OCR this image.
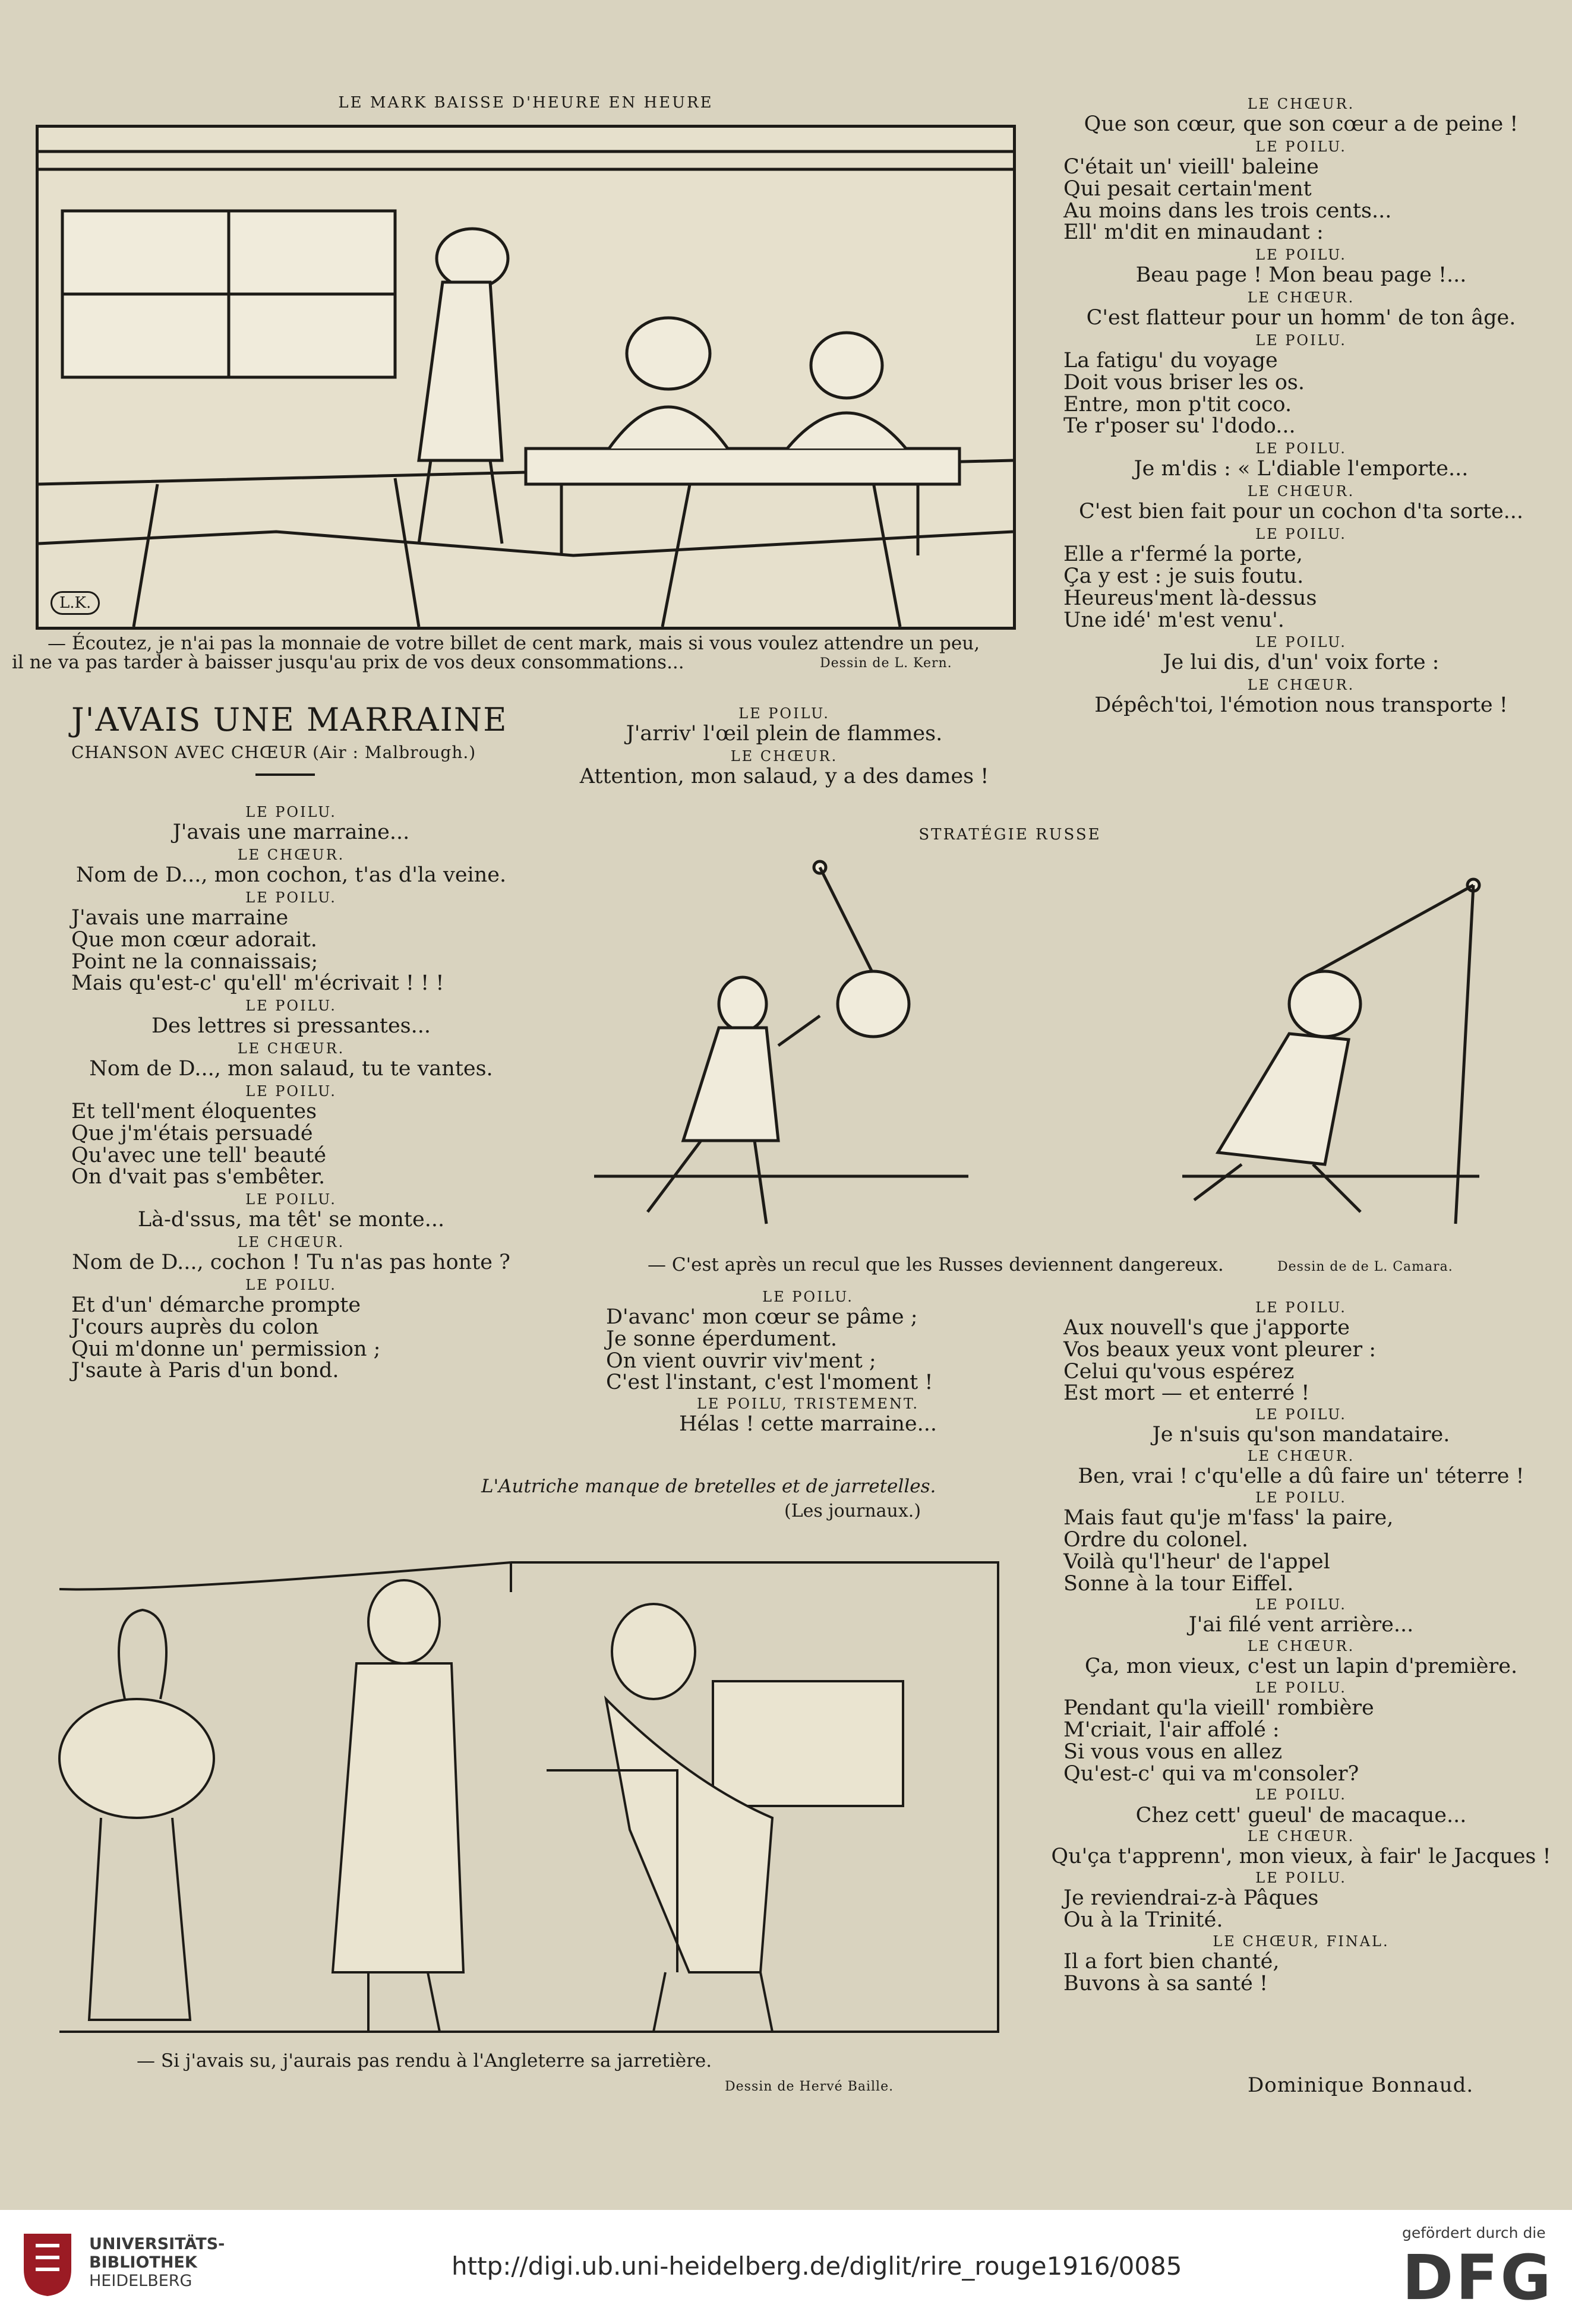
LE MARK BAISSE D'HEURE EN HEURE
L.K.
— Écoutez, je n'ai pas la monnaie de votre billet de cent mark, mais si vous voulez attendre un peu,
il ne va pas tarder à baisser jusqu'au prix de vos deux consommations...	Dessin de L. Kern.
J'AVAIS UNE MARRAINE
CHANSON AVEC CHŒUR (Air : Malbrough.)
LE POILU.
J'avais une marraine...
LE CHŒUR.
Nom de D..., mon cochon, t'as d'la veine.
LE POILU.
J'avais une marraine
Que mon cœur adorait.
Point ne la connaissais;
Mais qu'est-c' qu'ell' m'écrivait ! ! !
LE POILU.
Des lettres si pressantes...
LE CHŒUR.
Nom de D..., mon salaud, tu te vantes.
LE POILU.
Et tell'ment éloquentes
Que j'm'étais persuadé
Qu'avec une tell' beauté
On d'vait pas s'embêter.
LE POILU.
Là-d'ssus, ma têt' se monte...
LE CHŒUR.
Nom de D..., cochon ! Tu n'as pas honte ?
LE POILU.
Et d'un' démarche prompte
J'cours auprès du colon
Qui m'donne un' permission ;
J'saute à Paris d'un bond.
LE POILU.
J'arriv' l'œil plein de flammes.
LE CHŒUR.
Attention, mon salaud, y a des dames !
STRATÉGIE RUSSE
— C'est après un recul que les Russes deviennent dangereux.	Dessin de de L. Camara.
LE POILU.
D'avanc' mon cœur se pâme ;
Je sonne éperdument.
On vient ouvrir viv'ment ;
C'est l'instant, c'est l'moment !
LE POILU, TRISTEMENT.
Hélas ! cette marraine...
LE CHŒUR.
Que son cœur, que son cœur a de peine !
LE POILU.
C'était un' vieill' baleine
Qui pesait certain'ment
Au moins dans les trois cents...
Ell' m'dit en minaudant :
LE POILU.
Beau page ! Mon beau page !...
LE CHŒUR.
C'est flatteur pour un homm' de ton âge.
LE POILU.
La fatigu' du voyage
Doit vous briser les os.
Entre, mon p'tit coco.
Te r'poser su' l'dodo...
LE POILU.
Je m'dis : « L'diable l'emporte...
LE CHŒUR.
C'est bien fait pour un cochon d'ta sorte...
LE POILU.
Elle a r'fermé la porte,
Ça y est : je suis foutu.
Heureus'ment là-dessus
Une idé' m'est venu'.
LE POILU.
Je lui dis, d'un' voix forte :
LE CHŒUR.
Dépêch'toi, l'émotion nous transporte !
LE POILU.
Aux nouvell's que j'apporte
Vos beaux yeux vont pleurer :
Celui qu'vous espérez
Est mort — et enterré !
LE POILU.
Je n'suis qu'son mandataire.
LE CHŒUR.
Ben, vrai ! c'qu'elle a dû faire un' téterre !
LE POILU.
Mais faut qu'je m'fass' la paire,
Ordre du colonel.
Voilà qu'l'heur' de l'appel
Sonne à la tour Eiffel.
LE POILU.
J'ai filé vent arrière...
LE CHŒUR.
Ça, mon vieux, c'est un lapin d'première.
LE POILU.
Pendant qu'la vieill' rombière
M'criait, l'air affolé :
Si vous vous en allez
Qu'est-c' qui va m'consoler?
LE POILU.
Chez cett' gueul' de macaque...
LE CHŒUR.
Qu'ça t'apprenn', mon vieux, à fair' le Jacques !
LE POILU.
Je reviendrai-z-à Pâques
Ou à la Trinité.
LE CHŒUR, FINAL.
Il a fort bien chanté,
Buvons à sa santé !
Dominique Bonnaud.
L'Autriche manque de bretelles et de jarretelles.
(Les journaux.)
— Si j'avais su, j'aurais pas rendu à l'Angleterre sa jarretière.
Dessin de Hervé Baille.
UNIVERSITÄTS-
BIBLIOTHEK
HEIDELBERG
http://digi.ub.uni-heidelberg.de/diglit/rire_rouge1916/0085
gefördert durch die
DFG
